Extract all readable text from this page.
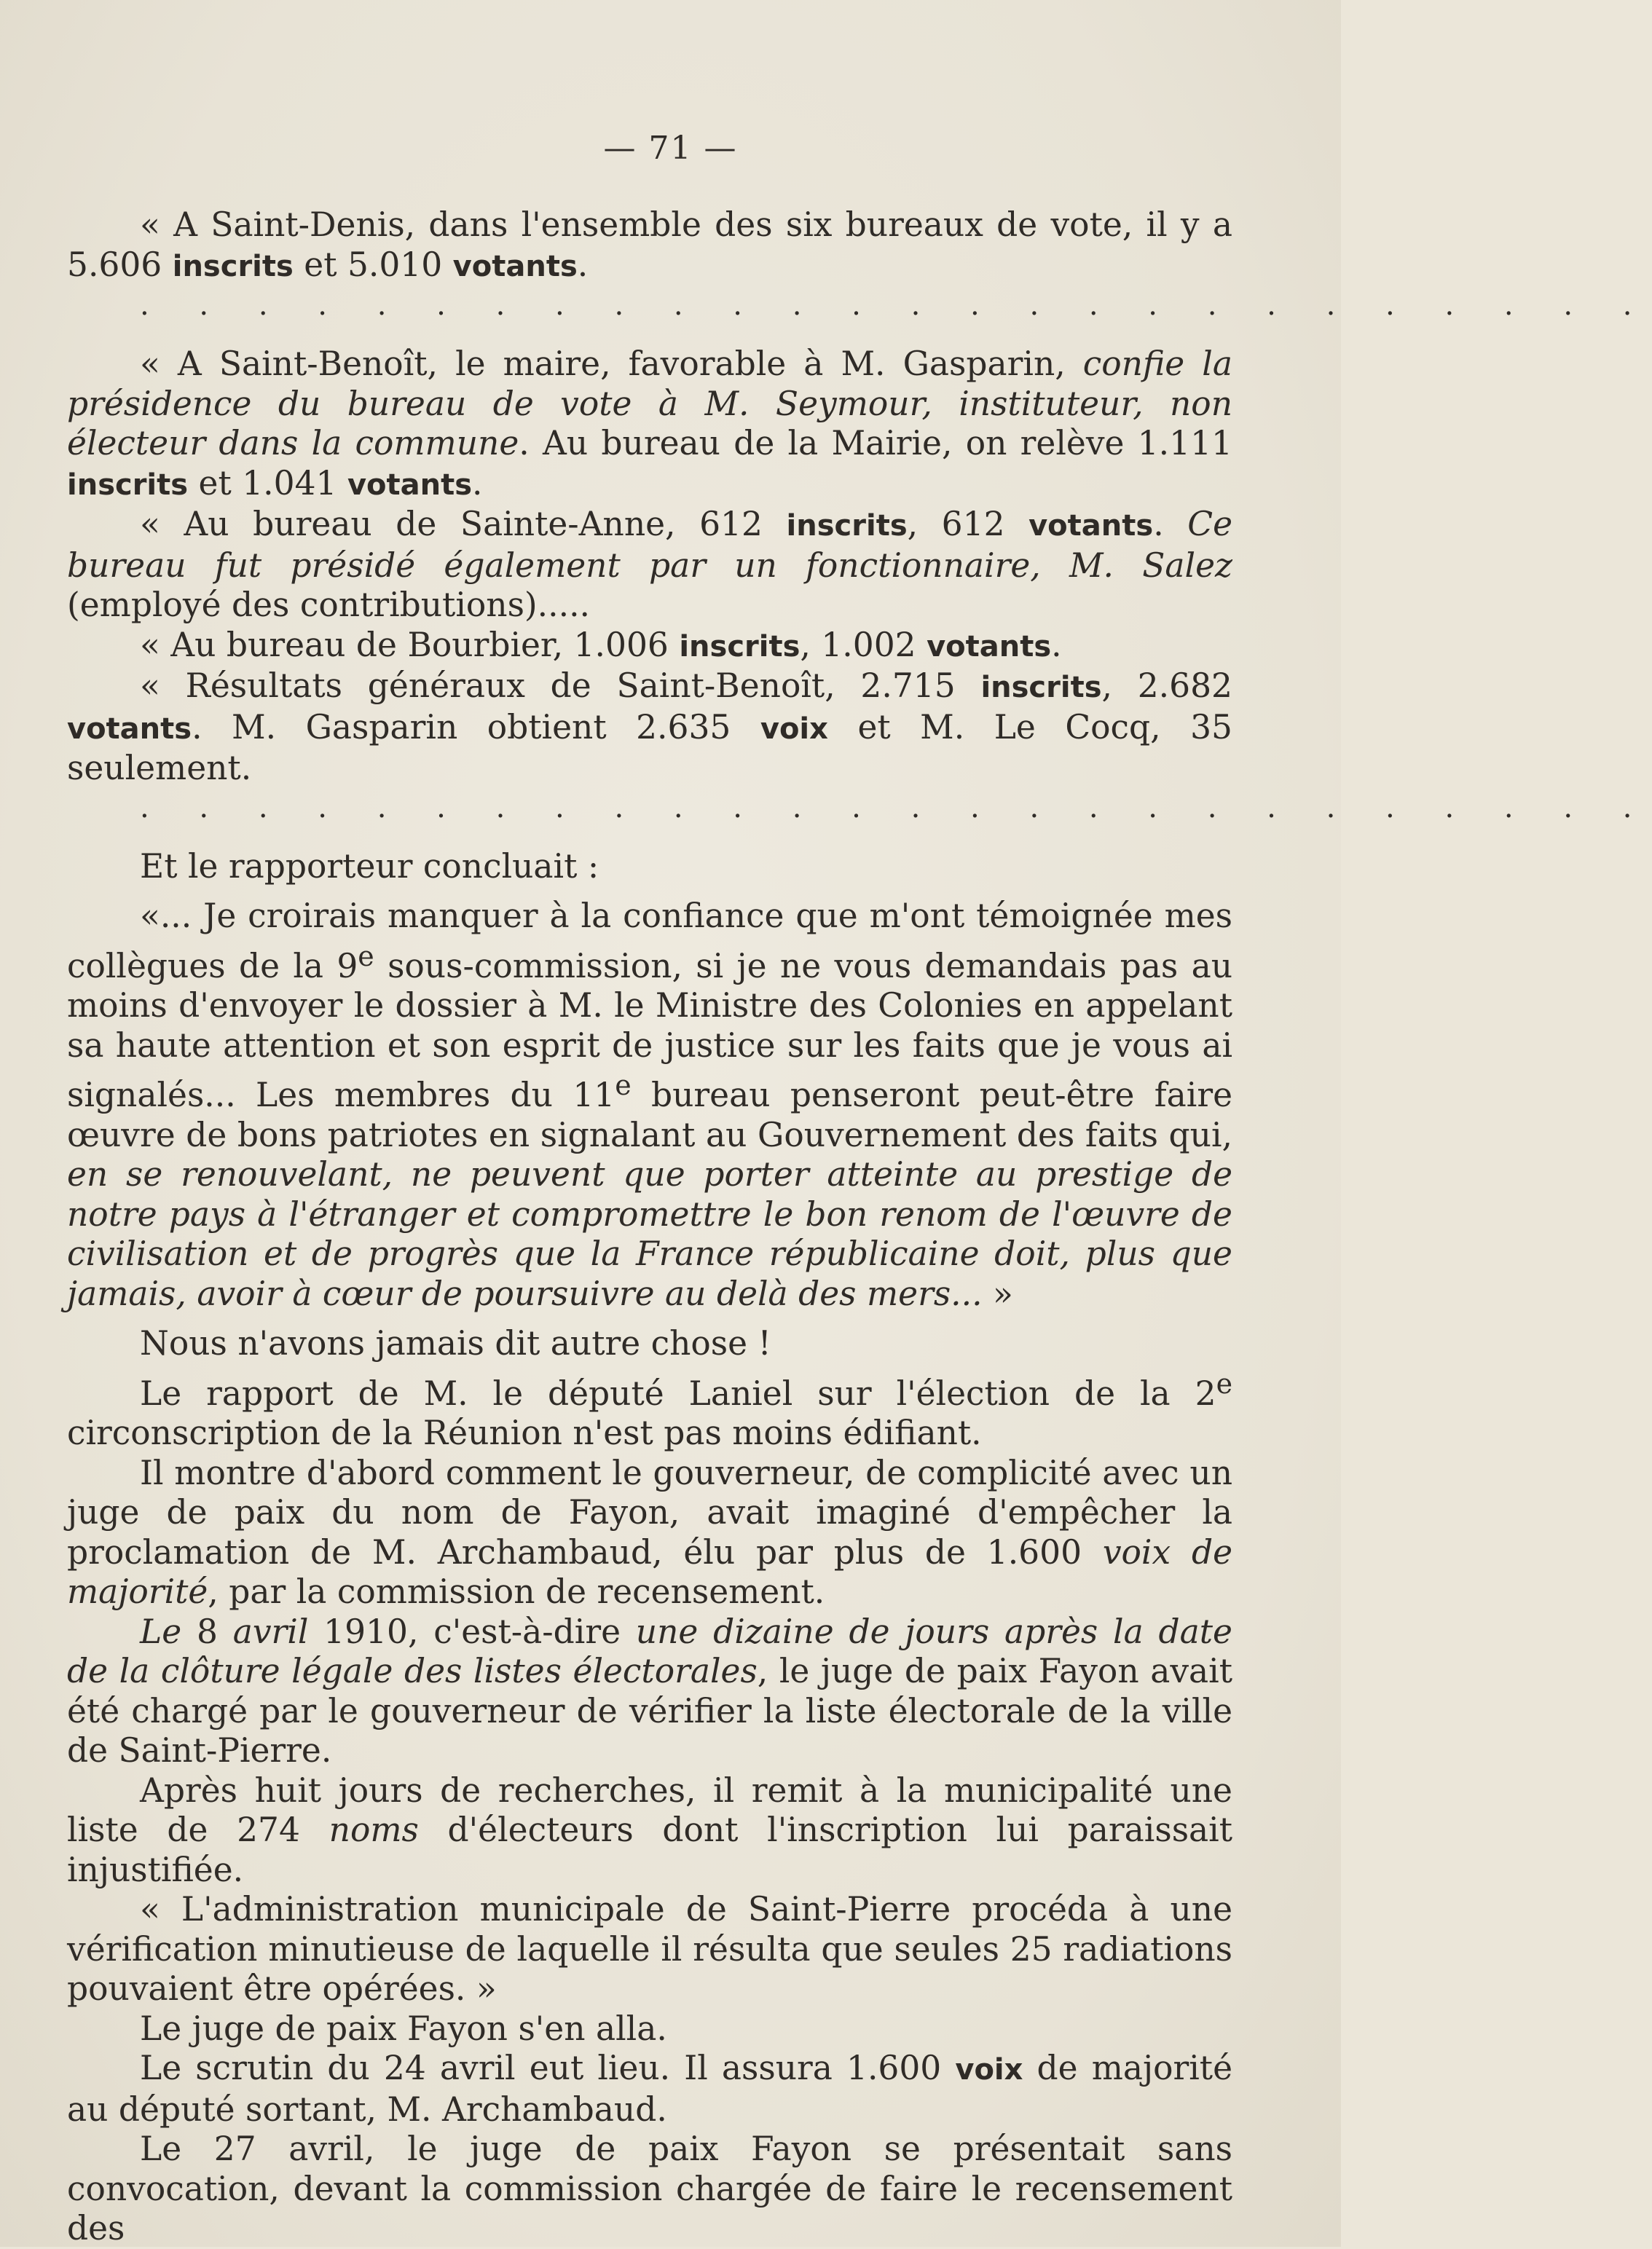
— 71 —

« A Saint-Denis, dans l'ensemble des six bureaux de vote, il y a 5.606 inscrits et 5.010 votants.

. . . . . . . . . . . . . . . . . . . . . . . . . .

« A Saint-Benoît, le maire, favorable à M. Gasparin, confie la présidence du bureau de vote à M. Seymour, instituteur, non électeur dans la commune. Au bureau de la Mairie, on relève 1.111 inscrits et 1.041 votants.

« Au bureau de Sainte-Anne, 612 inscrits, 612 votants. Ce bureau fut présidé également par un fonctionnaire, M. Salez (employé des contributions).....

« Au bureau de Bourbier, 1.006 inscrits, 1.002 votants.

« Résultats généraux de Saint-Benoît, 2.715 inscrits, 2.682 votants. M. Gasparin obtient 2.635 voix et M. Le Cocq, 35 seulement.

. . . . . . . . . . . . . . . . . . . . . . . . . .

Et le rapporteur concluait :

«... Je croirais manquer à la confiance que m'ont témoignée mes collègues de la 9e sous-commission, si je ne vous demandais pas au moins d'envoyer le dossier à M. le Ministre des Colonies en appelant sa haute attention et son esprit de justice sur les faits que je vous ai signalés... Les membres du 11e bureau penseront peut-être faire œuvre de bons patriotes en signalant au Gouvernement des faits qui, en se renouvelant, ne peuvent que porter atteinte au prestige de notre pays à l'étranger et compromettre le bon renom de l'œuvre de civilisation et de progrès que la France républicaine doit, plus que jamais, avoir à cœur de poursuivre au delà des mers... »

Nous n'avons jamais dit autre chose !

Le rapport de M. le député Laniel sur l'élection de la 2e circonscription de la Réunion n'est pas moins édifiant.

Il montre d'abord comment le gouverneur, de complicité avec un juge de paix du nom de Fayon, avait imaginé d'empêcher la proclamation de M. Archambaud, élu par plus de 1.600 voix de majorité, par la commission de recensement.

Le 8 avril 1910, c'est-à-dire une dizaine de jours après la date de la clôture légale des listes électorales, le juge de paix Fayon avait été chargé par le gouverneur de vérifier la liste électorale de la ville de Saint-Pierre.

Après huit jours de recherches, il remit à la municipalité une liste de 274 noms d'électeurs dont l'inscription lui paraissait injustifiée.

« L'administration municipale de Saint-Pierre procéda à une vérification minutieuse de laquelle il résulta que seules 25 radiations pouvaient être opérées. »

Le juge de paix Fayon s'en alla.

Le scrutin du 24 avril eut lieu. Il assura 1.600 voix de majorité au député sortant, M. Archambaud.

Le 27 avril, le juge de paix Fayon se présentait sans convocation, devant la commission chargée de faire le recensement des
